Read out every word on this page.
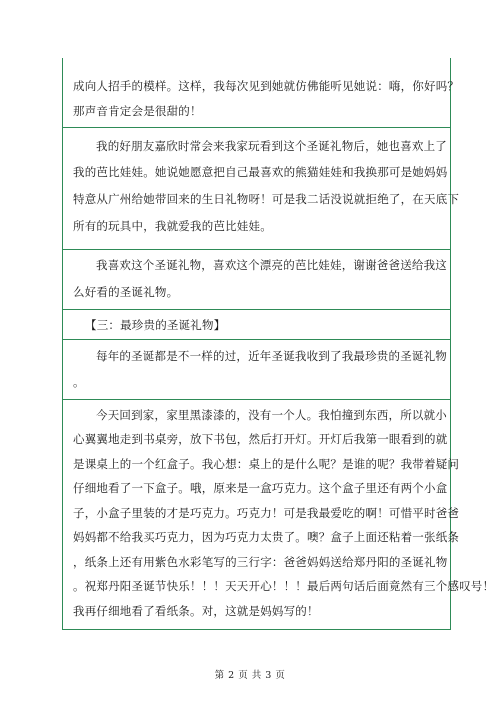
成向人招手的模样。这样，我每次见到她就仿佛能听见她说：嗨，你好吗？
那声音肯定会是很甜的！
我的好朋友嘉欣时常会来我家玩看到这个圣诞礼物后，她也喜欢上了
我的芭比娃娃。她说她愿意把自己最喜欢的熊猫娃娃和我换那可是她妈妈
特意从广州给她带回来的生日礼物呀！可是我二话没说就拒绝了，在天底下
所有的玩具中，我就爱我的芭比娃娃。
我喜欢这个圣诞礼物，喜欢这个漂亮的芭比娃娃，谢谢爸爸送给我这
么好看的圣诞礼物。
【三：最珍贵的圣诞礼物】
每年的圣诞都是不一样的过，近年圣诞我收到了我最珍贵的圣诞礼物
。
今天回到家，家里黑漆漆的，没有一个人。我怕撞到东西，所以就小
心翼翼地走到书桌旁，放下书包，然后打开灯。开灯后我第一眼看到的就
是课桌上的一个红盒子。我心想：桌上的是什么呢？是谁的呢？我带着疑问
仔细地看了一下盒子。哦，原来是一盒巧克力。这个盒子里还有两个小盒
子，小盒子里装的才是巧克力。巧克力！可是我最爱吃的啊！可惜平时爸爸
妈妈都不给我买巧克力，因为巧克力太贵了。噢？盒子上面还粘着一张纸条
，纸条上还有用紫色水彩笔写的三行字：爸爸妈妈送给郑丹阳的圣诞礼物
。祝郑丹阳圣诞节快乐！！！天天开心！！！最后两句话后面竟然有三个感叹号！
我再仔细地看了看纸条。对，这就是妈妈写的！
第 2 页 共 3 页
